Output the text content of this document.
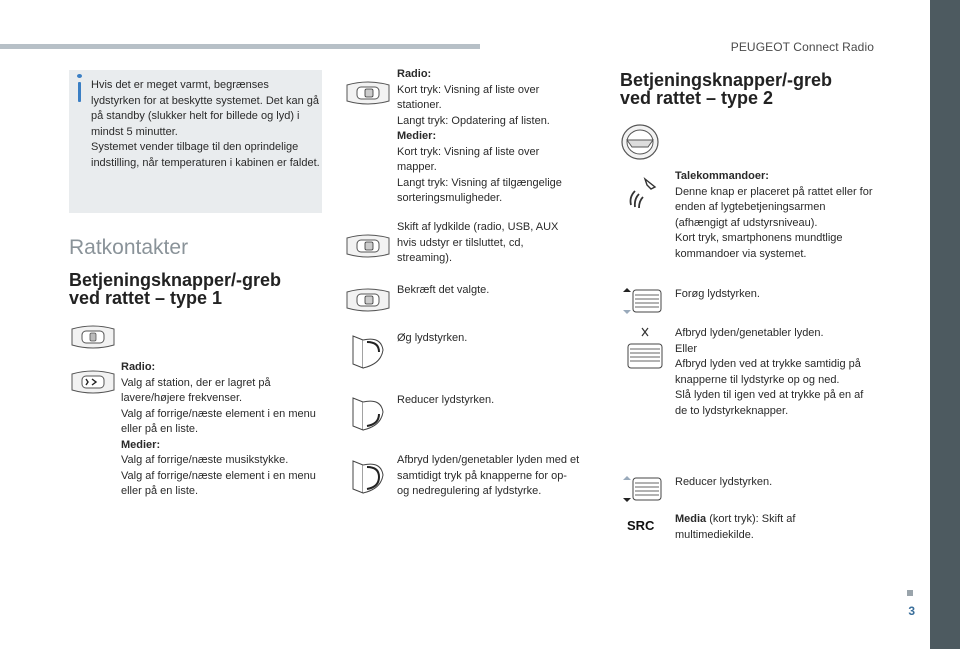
PEUGEOT Connect Radio
3

Hvis det er meget varmt, begrænses lydstyrken for at beskytte systemet. Det kan gå på standby (slukker helt for billede og lyd) i mindst 5 minutter.

Systemet vender tilbage til den oprindelige indstilling, når temperaturen i kabinen er faldet.

Ratkontakter
Betjeningsknapper/-greb
ved rattet – type 1

Radio:

Valg af station, der er lagret på lavere/højere frekvenser.

Valg af forrige/næste element i en menu eller på en liste.

Medier:

Valg af forrige/næste musikstykke.

Valg af forrige/næste element i en menu eller på en liste.

Radio:

Kort tryk: Visning af liste over stationer.

Langt tryk: Opdatering af listen.

Medier:

Kort tryk: Visning af liste over mapper.

Langt tryk: Visning af tilgængelige sorteringsmuligheder.

Skift af lydkilde (radio, USB, AUX hvis udstyr er tilsluttet, cd, streaming).
Bekræft det valgte.
Øg lydstyrken.
Reducer lydstyrken.
Afbryd lyden/genetabler lyden med et samtidigt tryk på knapperne for op- og nedregulering af lydstyrke.
Betjeningsknapper/-greb
ved rattet – type 2

Talekommandoer:

Denne knap er placeret på rattet eller for enden af lygtebetjeningsarmen (afhængigt af udstyrsniveau).

Kort tryk, smartphonens mundtlige kommandoer via systemet.

Forøg lydstyrken.

Afbryd lyden/genetabler lyden.

Eller

Afbryd lyden ved at trykke samtidig på knapperne til lydstyrke op og ned.

Slå lyden til igen ved at trykke på en af de to lydstyrkeknapper.

Reducer lydstyrken.
SRC Media (kort tryk): Skift af multimediekilde.
